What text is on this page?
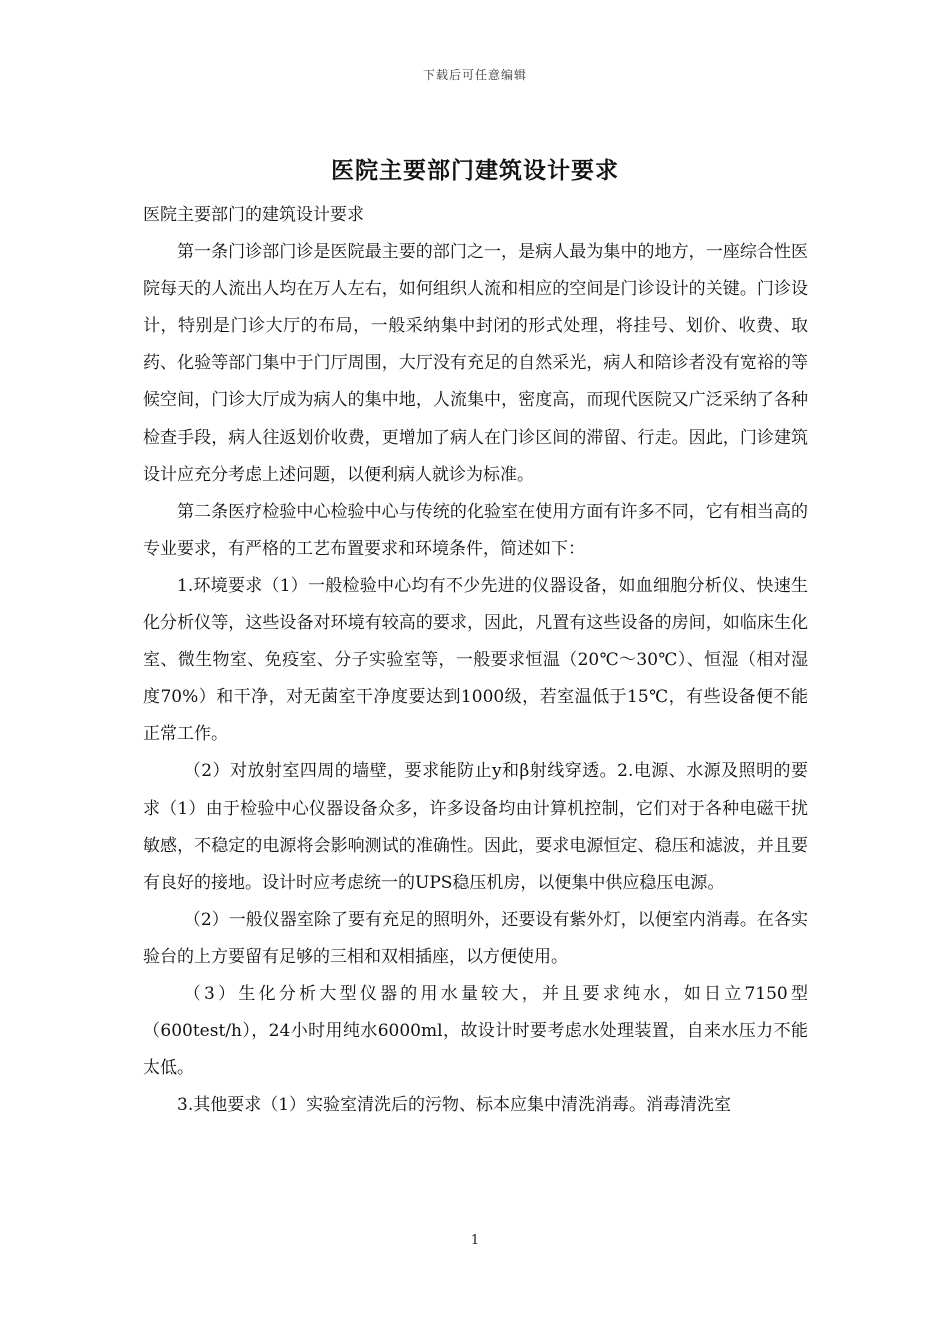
下载后可任意编辑
医院主要部门建筑设计要求

医院主要部门的建筑设计要求

第一条门诊部门诊是医院最主要的部门之一，是病人最为集中的地方，一座综合性医院每天的人流出人均在万人左右，如何组织人流和相应的空间是门诊设计的关键。门诊设计，特别是门诊大厅的布局，一般采纳集中封闭的形式处理，将挂号、划价、收费、取药、化验等部门集中于门厅周围，大厅没有充足的自然采光，病人和陪诊者没有宽裕的等候空间，门诊大厅成为病人的集中地，人流集中，密度高，而现代医院又广泛采纳了各种检查手段，病人往返划价收费，更增加了病人在门诊区间的滞留、行走。因此，门诊建筑设计应充分考虑上述问题，以便利病人就诊为标准。

第二条医疗检验中心检验中心与传统的化验室在使用方面有许多不同，它有相当高的专业要求，有严格的工艺布置要求和环境条件，简述如下：

1.环境要求（1）一般检验中心均有不少先进的仪器设备，如血细胞分析仪、快速生化分析仪等，这些设备对环境有较高的要求，因此，凡置有这些设备的房间，如临床生化室、微生物室、免疫室、分子实验室等，一般要求恒温（20℃～30℃）、恒湿（相对湿度70%）和干净，对无菌室干净度要达到1000级，若室温低于15℃，有些设备便不能正常工作。

（2）对放射室四周的墙壁，要求能防止y和β射线穿透。2.电源、水源及照明的要求（1）由于检验中心仪器设备众多，许多设备均由计算机控制，它们对于各种电磁干扰敏感，不稳定的电源将会影响测试的准确性。因此，要求电源恒定、稳压和滤波，并且要有良好的接地。设计时应考虑统一的UPS稳压机房，以便集中供应稳压电源。

（2）一般仪器室除了要有充足的照明外，还要设有紫外灯，以便室内消毒。在各实验台的上方要留有足够的三相和双相插座，以方便使用。

（3）生化分析大型仪器的用水量较大，并且要求纯水，如日立7150型（600test/h），24小时用纯水6000ml，故设计时要考虑水处理装置，自来水压力不能太低。

3.其他要求（1）实验室清洗后的污物、标本应集中清洗消毒。消毒清洗室

1
